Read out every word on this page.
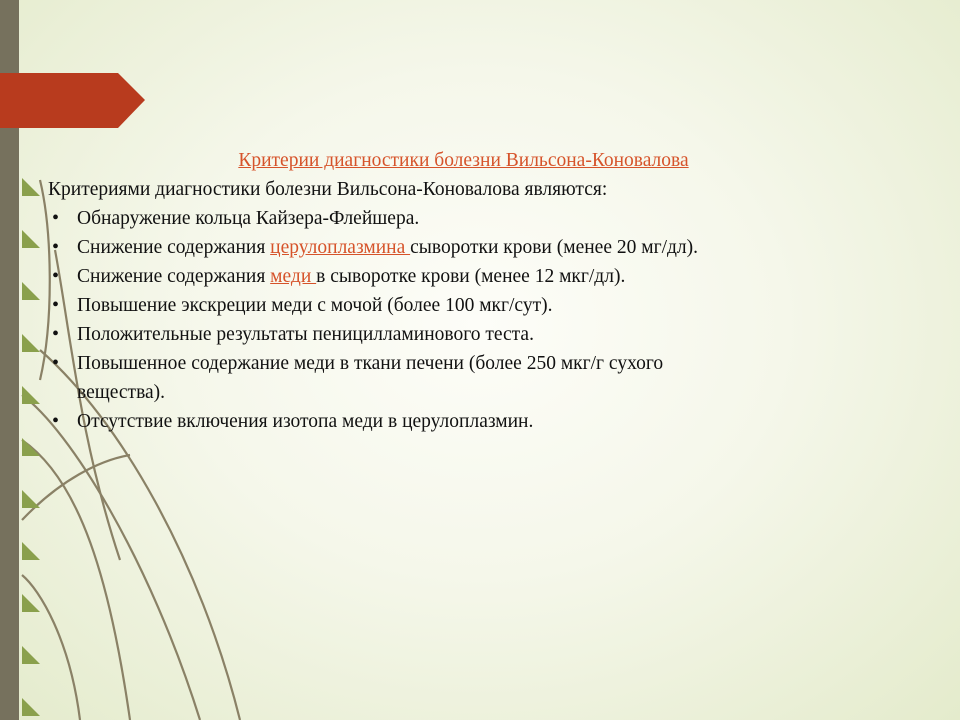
Критерии диагностики болезни Вильсона-Коновалова
Критериями диагностики болезни Вильсона-Коновалова являются:
• Обнаружение кольца Кайзера-Флейшера.
• Снижение содержания церулоплазмина сыворотки крови (менее 20 мг/дл).
• Снижение содержания меди в сыворотке крови (менее 12 мкг/дл).
• Повышение экскреции меди с мочой (более 100 мкг/сут).
• Положительные результаты пеницилламинового теста.
• Повышенное содержание меди в ткани печени (более 250 мкг/г сухого
вещества).
• Отсутствие включения изотопа меди в церулоплазмин.
